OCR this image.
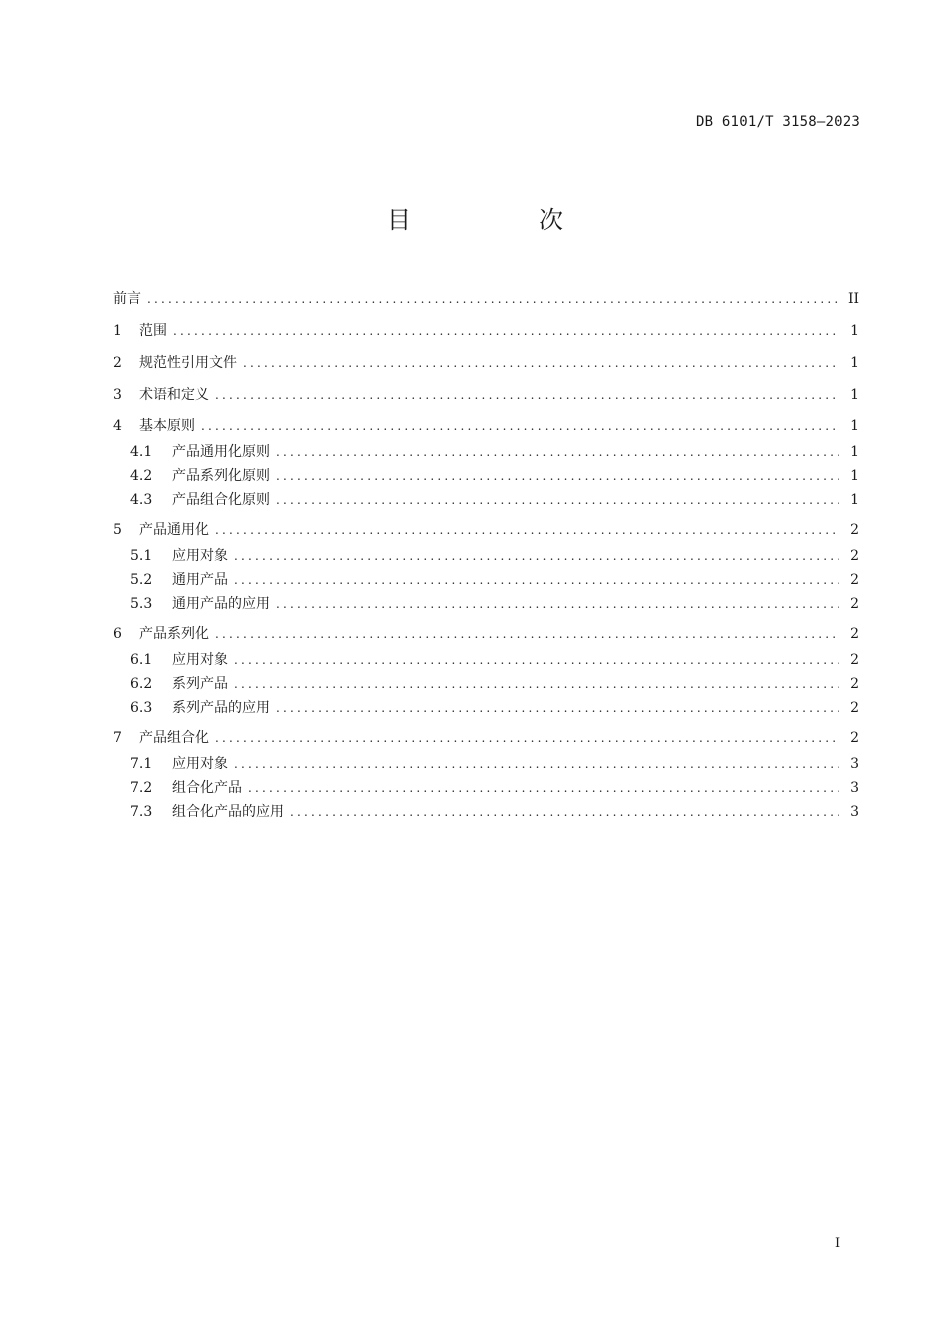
DB 6101/T 3158—2023
目　次
前言 .....	II
1	范围 .....	1
2	规范性引用文件 .....	1
3	术语和定义 .....	1
4	基本原则 .....	1
4.1	产品通用化原则 .....	1
4.2	产品系列化原则 .....	1
4.3	产品组合化原则 .....	1
5	产品通用化 .....	2
5.1	应用对象 .....	2
5.2	通用产品 .....	2
5.3	通用产品的应用 .....	2
6	产品系列化 .....	2
6.1	应用对象 .....	2
6.2	系列产品 .....	2
6.3	系列产品的应用 .....	2
7	产品组合化 .....	2
7.1	应用对象 .....	3
7.2	组合化产品 .....	3
7.3	组合化产品的应用 .....	3
I
